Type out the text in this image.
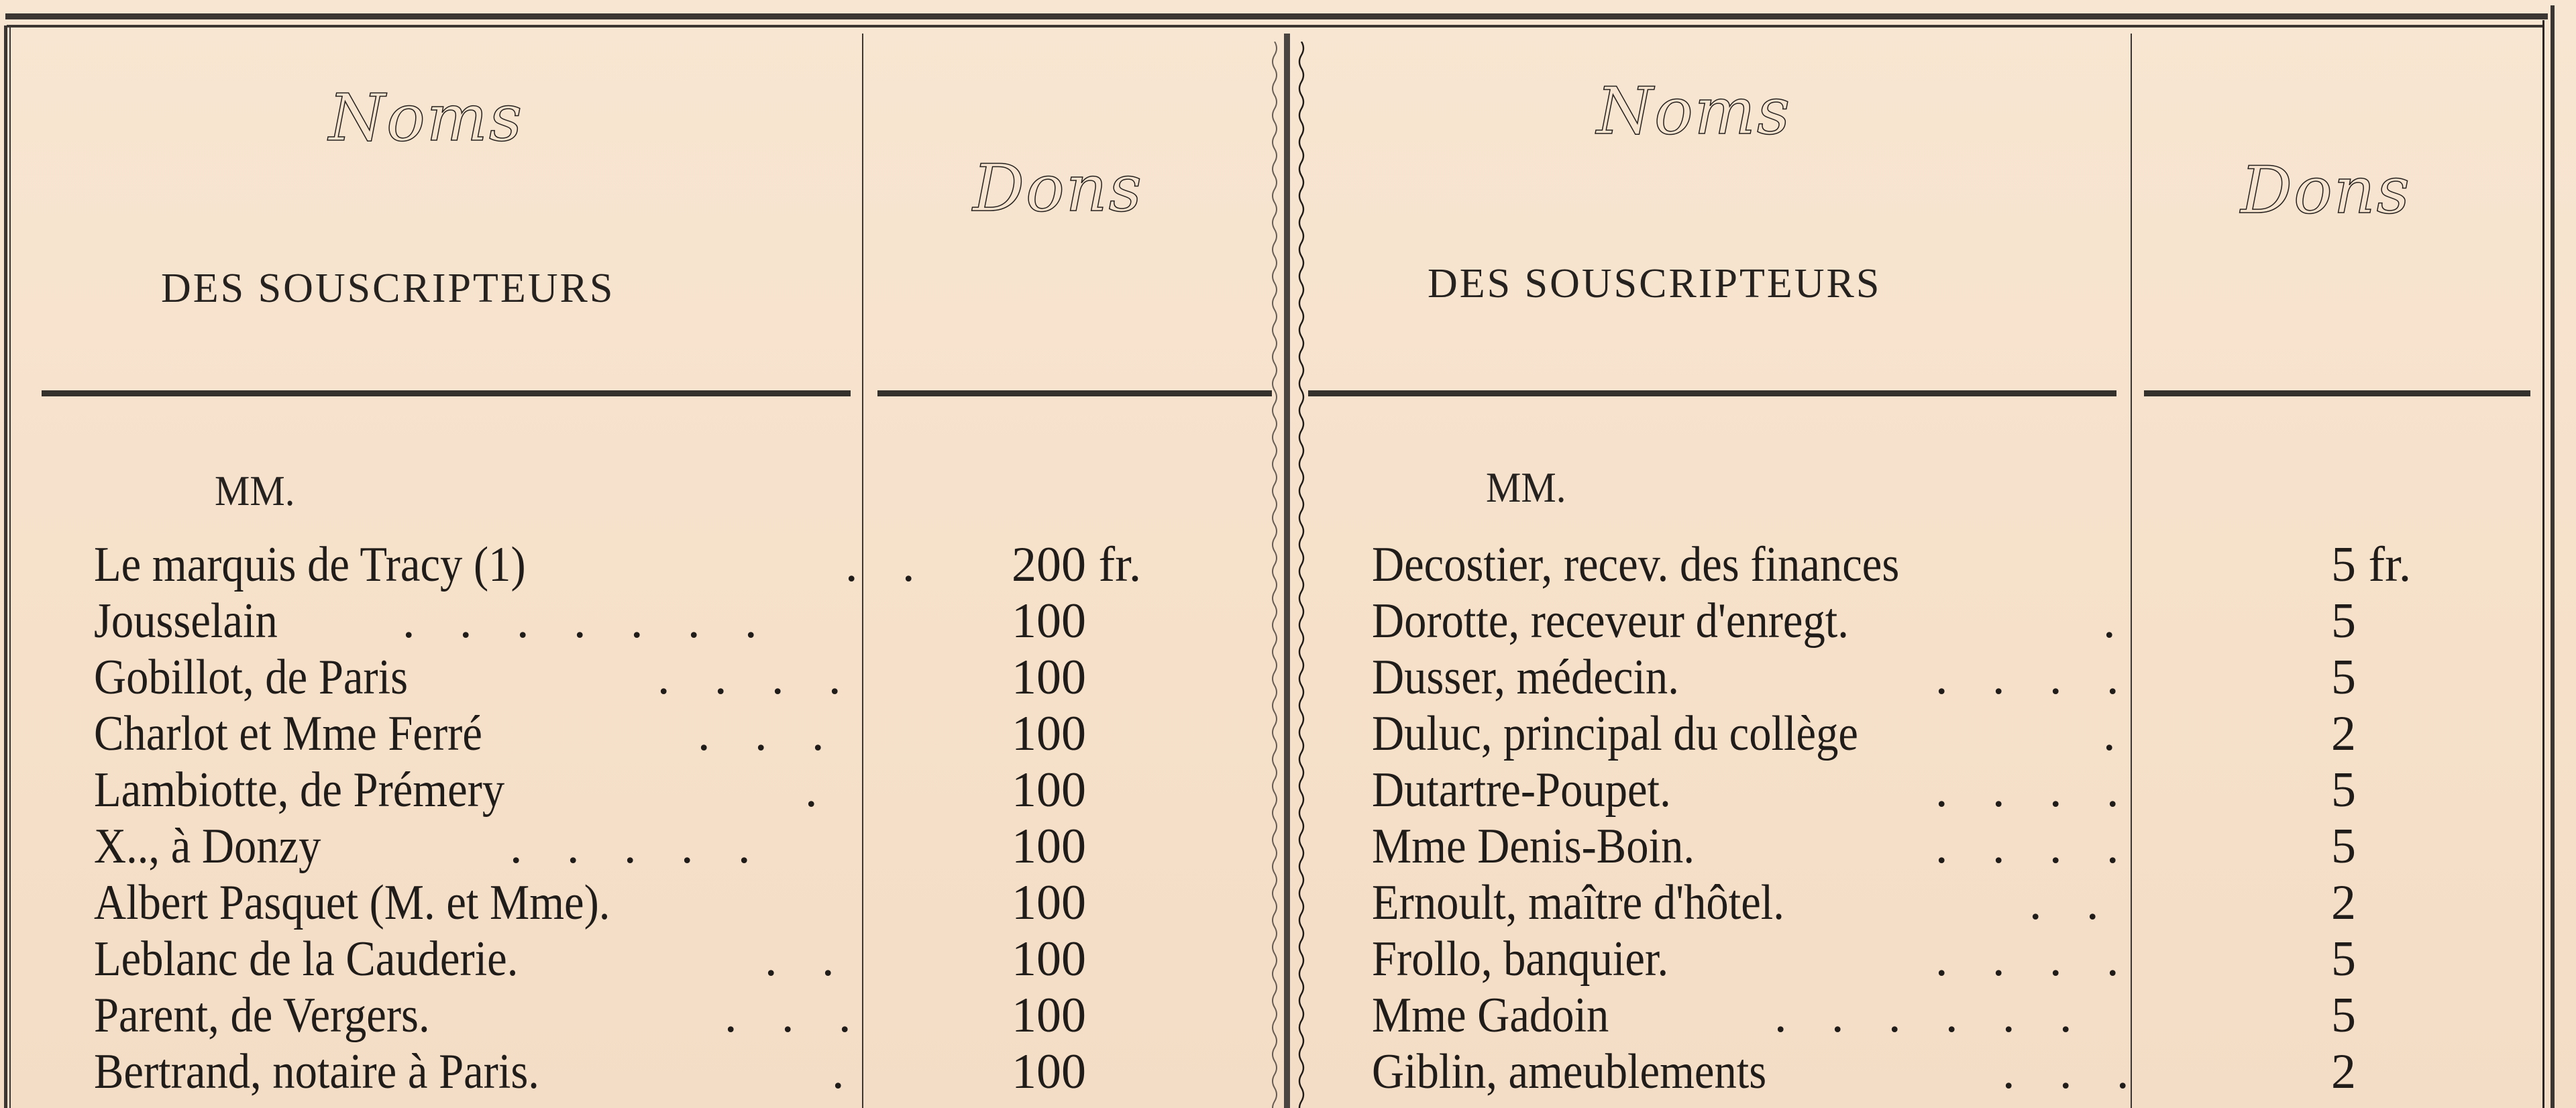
Noms
DES SOUSCRIPTEURS
Dons
Noms
DES SOUSCRIPTEURS
Dons
MM.
Le marquis de Tracy (1)	. . 200 fr.
Jousselain	. . . . . . .	100
Gobillot, de Paris	. . . .	100
Charlot et Mme Ferré	. . .	100
Lambiotte, de Prémery	.	100
X.., à Donzy	. . . . .	100
Albert Pasquet (M. et Mme).	100
Leblanc de la Cauderie.	. .	100
Parent, de Vergers.	. . .	100
Bertrand, notaire à Paris.	.	100
MM.
Decostier, recev. des finances	5 fr.
Dorotte, receveur d'enregt.	.	5
Dusser, médecin.	. . . .	5
Duluc, principal du collège	.	2
Dutartre-Poupet.	. . . .	5
Mme Denis-Boin.	. . . .	5
Ernoult, maître d'hôtel.	. .	2
Frollo, banquier.	. . . .	5
Mme Gadoin	. . . . . .	5
Giblin, ameublements	. . .	2
